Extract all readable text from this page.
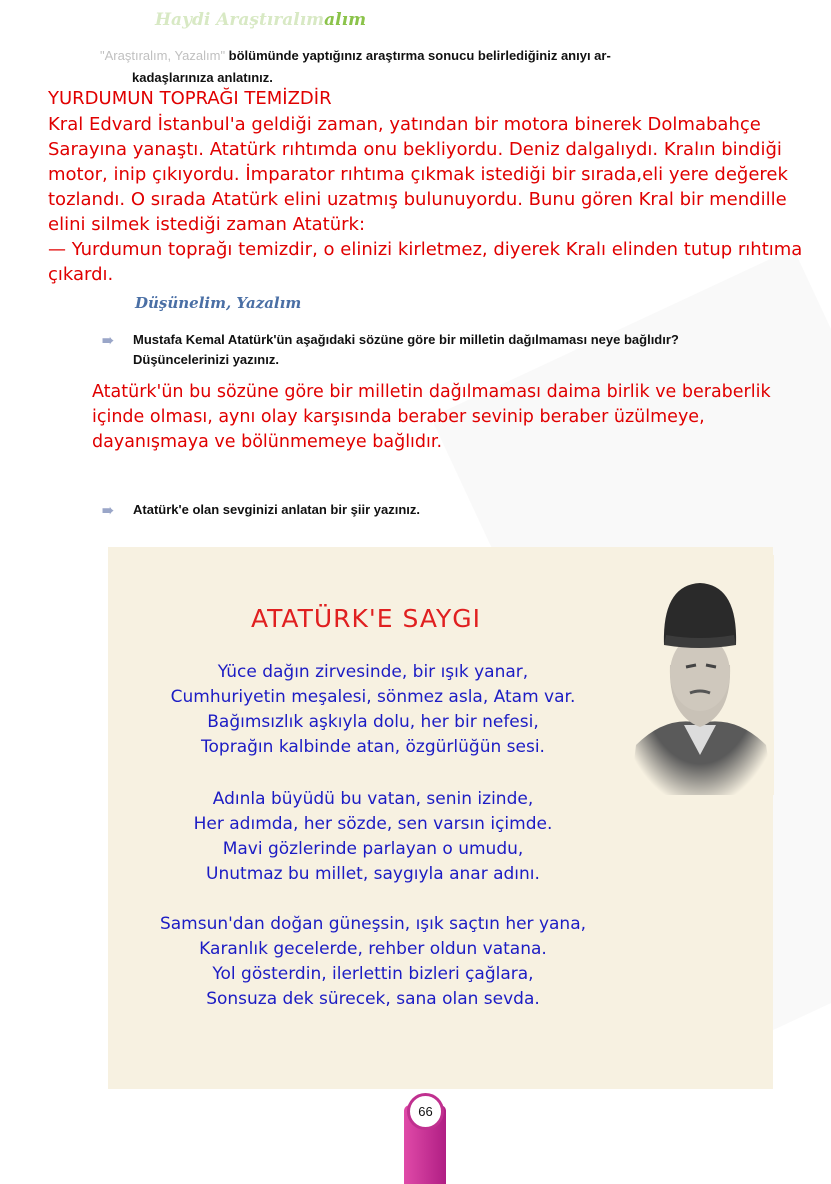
Haydi Araştıralımalım
"Araştıralım, Yazalım" bölümünde yaptığınız araştırma sonucu belirlediğiniz anıyı ar-
kadaşlarınıza anlatınız.
YURDUMUN TOPRAĞI TEMİZDİR

Kral Edvard İstanbul'a geldiği zaman, yatından bir motora binerek Dolmabahçe Sarayına yanaştı. Atatürk rıhtımda onu bekliyordu. Deniz dalgalıydı. Kralın bindiği motor, inip çıkıyordu. İmparator rıhtıma çıkmak istediği bir sırada,eli yere değerek tozlandı. O sırada Atatürk elini uzatmış bulunuyordu. Bunu gören Kral bir mendille elini silmek istediği zaman Atatürk:
— Yurdumun toprağı temizdir, o elinizi kirletmez, diyerek Kralı elinden tutup rıhtıma çıkardı.

Düşünelim, Yazalım
➠	Mustafa Kemal Atatürk'ün aşağıdaki sözüne göre bir milletin dağılmaması neye bağlıdır?
Düşüncelerinizi yazınız.

Atatürk'ün bu sözüne göre bir milletin dağılmaması daima birlik ve beraberlik içinde olması, aynı olay karşısında beraber sevinip beraber üzülmeye, dayanışmaya ve bölünmemeye bağlıdır.

➠	Atatürk'e olan sevginizi anlatan bir şiir yazınız.
ATATÜRK'E SAYGI
Yüce dağın zirvesinde, bir ışık yanar,
Cumhuriyetin meşalesi, sönmez asla, Atam var.
Bağımsızlık aşkıyla dolu, her bir nefesi,
Toprağın kalbinde atan, özgürlüğün sesi.
Adınla büyüdü bu vatan, senin izinde,
Her adımda, her sözde, sen varsın içimde.
Mavi gözlerinde parlayan o umudu,
Unutmaz bu millet, saygıyla anar adını.
Samsun'dan doğan güneşsin, ışık saçtın her yana,
Karanlık gecelerde, rehber oldun vatana.
Yol gösterdin, ilerlettin bizleri çağlara,
Sonsuza dek sürecek, sana olan sevda.
66
